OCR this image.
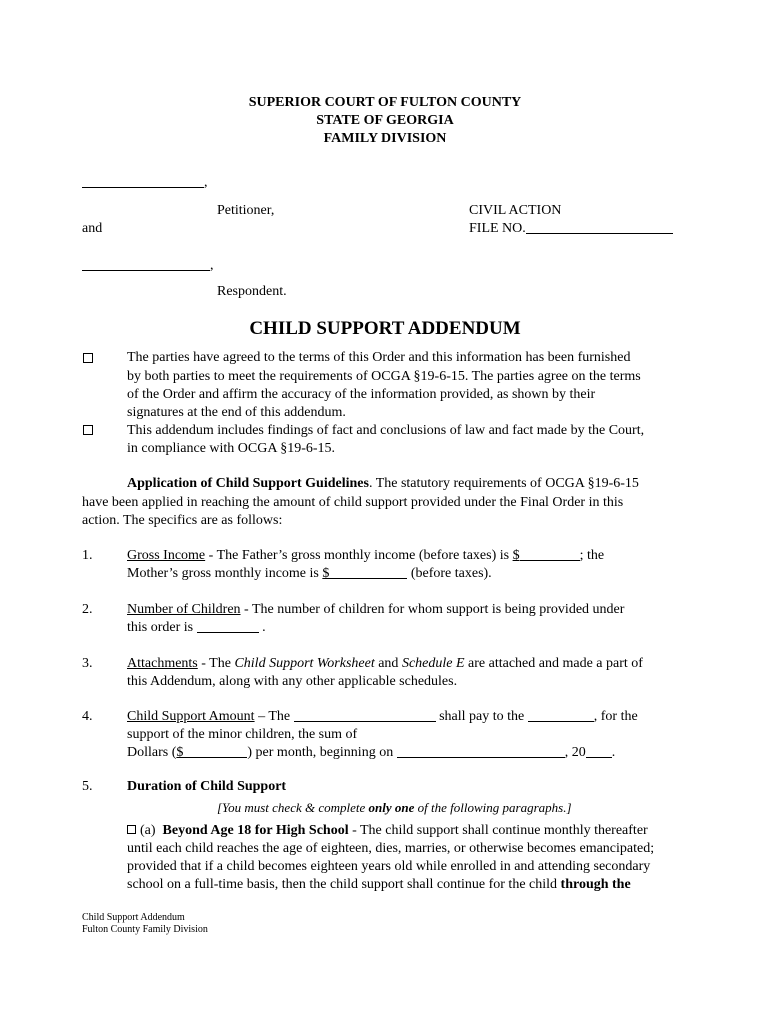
SUPERIOR COURT OF FULTON COUNTY
STATE OF GEORGIA
FAMILY DIVISION
,
Petitioner,
and
CIVIL ACTION
FILE NO.
,
Respondent.
CHILD SUPPORT ADDENDUM
The parties have agreed to the terms of this Order and this information has been furnished
by both parties to meet the requirements of OCGA §19-6-15. The parties agree on the terms
of the Order and affirm the accuracy of the information provided, as shown by their
signatures at the end of this addendum.
This addendum includes findings of fact and conclusions of law and fact made by the Court,
in compliance with OCGA §19-6-15.
Application of Child Support Guidelines. The statutory requirements of OCGA §19-6-15
have been applied in reaching the amount of child support provided under the Final Order in this
action. The specifics are as follows:
1. Gross Income - The Father’s gross monthly income (before taxes) is $	; the
Mother’s gross monthly income is $	(before taxes).
2. Number of Children - The number of children for whom support is being provided under
this order is	.
3. Attachments - The Child Support Worksheet and Schedule E are attached and made a part of
this Addendum, along with any other applicable schedules.
4. Child Support Amount – The	shall pay to the	, for the
support of the minor children, the sum of
Dollars ($	) per month, beginning on	, 20 .
5. Duration of Child Support
[You must check & complete only one of the following paragraphs.]
(a) Beyond Age 18 for High School - The child support shall continue monthly thereafter
until each child reaches the age of eighteen, dies, marries, or otherwise becomes emancipated;
provided that if a child becomes eighteen years old while enrolled in and attending secondary
school on a full-time basis, then the child support shall continue for the child through the
Child Support Addendum
Fulton County Family Division
